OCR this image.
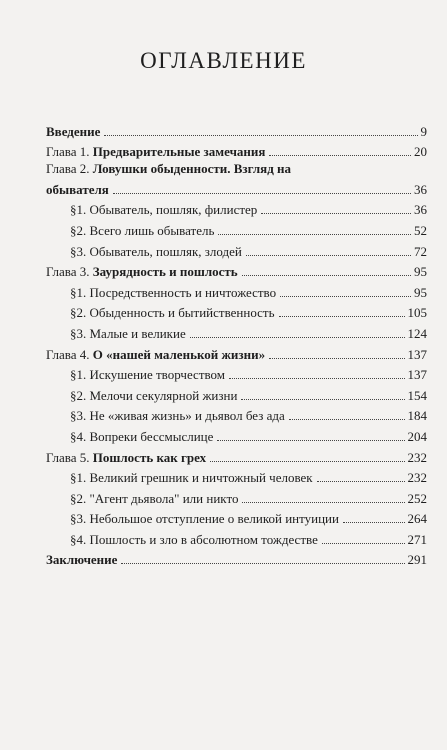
ОГЛАВЛЕНИЕ
Введение	9
Глава 1. Предварительные замечания	20
Глава 2. Ловушки обыденности. Взгляд на
обывателя	36
§1. Обыватель, пошляк, филистер	36
§2. Всего лишь обыватель	52
§3. Обыватель, пошляк, злодей	72
Глава 3. Заурядность и пошлость	95
§1. Посредственность и ничтожество	95
§2. Обыденность и бытийственность	105
§3. Малые и великие	124
Глава 4. О «нашей маленькой жизни»	137
§1. Искушение творчеством	137
§2. Мелочи секулярной жизни	154
§3. Не «живая жизнь» и дьявол без ада	184
§4. Вопреки бессмыслице	204
Глава 5. Пошлость как грех	232
§1. Великий грешник и ничтожный человек	232
§2. "Агент дьявола" или никто	252
§3. Небольшое отступление о великой интуиции	264
§4. Пошлость и зло в абсолютном тождестве	271
Заключение	291
